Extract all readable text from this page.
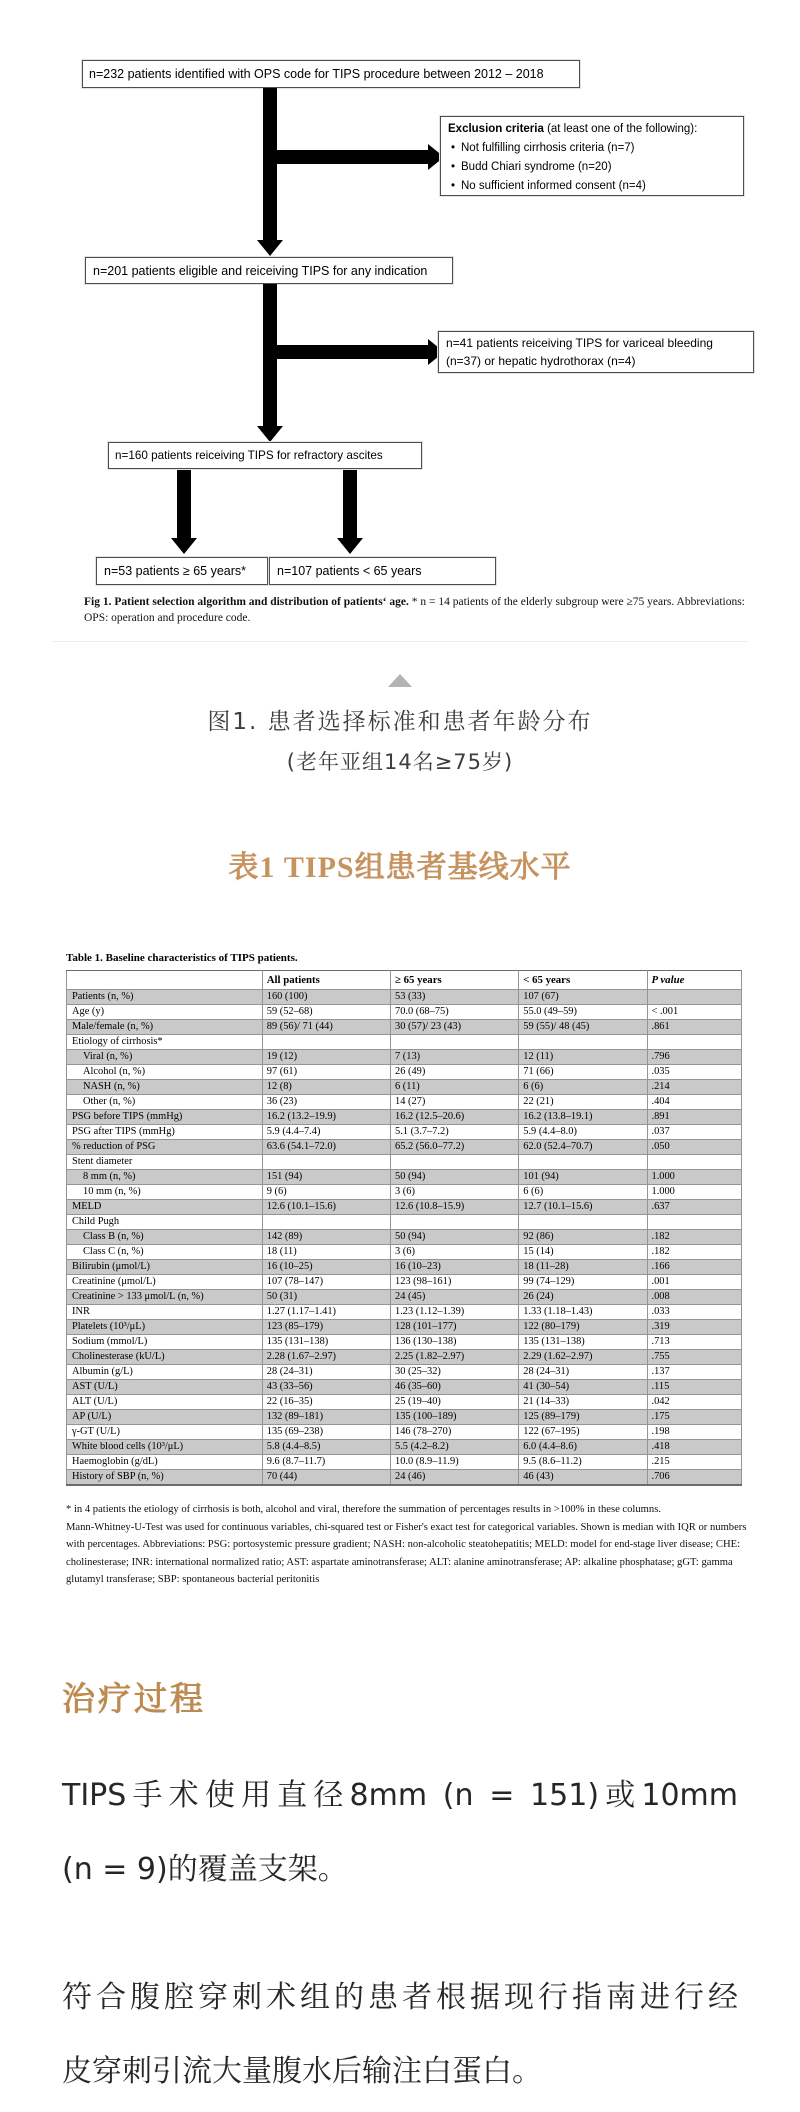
n=232 patients identified with OPS code for TIPS procedure between 2012 – 2018
Exclusion criteria (at least one of the following):
• Not fulfilling cirrhosis criteria (n=7)
• Budd Chiari syndrome (n=20)
• No sufficient informed consent (n=4)
n=201 patients eligible and reiceiving TIPS for any indication
n=41 patients reiceiving TIPS for variceal bleeding (n=37) or hepatic hydrothorax (n=4)
n=160 patients reiceiving TIPS for refractory ascites
n=53 patients ≥ 65 years*	n=107 patients < 65 years

Fig 1. Patient selection algorithm and distribution of patients‘ age. * n = 14 patients of the elderly subgroup were ≥75 years. Abbreviations: OPS: operation and procedure code.

图1. 患者选择标准和患者年龄分布
(老年亚组14名≥75岁)
表1 TIPS组患者基线水平

Table 1. Baseline characteristics of TIPS patients.

	All patients	≥ 65 years	< 65 years	P value
Patients (n, %)	160 (100)	53 (33)	107 (67)	
Age (y)	59 (52–68)	70.0 (68–75)	55.0 (49–59)	< .001
Male/female (n, %)	89 (56)/ 71 (44)	30 (57)/ 23 (43)	59 (55)/ 48 (45)	.861
Etiology of cirrhosis*				
Viral (n, %)	19 (12)	7 (13)	12 (11)	.796
Alcohol (n, %)	97 (61)	26 (49)	71 (66)	.035
NASH (n, %)	12 (8)	6 (11)	6 (6)	.214
Other (n, %)	36 (23)	14 (27)	22 (21)	.404
PSG before TIPS (mmHg)	16.2 (13.2–19.9)	16.2 (12.5–20.6)	16.2 (13.8–19.1)	.891
PSG after TIPS (mmHg)	5.9 (4.4–7.4)	5.1 (3.7–7.2)	5.9 (4.4–8.0)	.037
% reduction of PSG	63.6 (54.1–72.0)	65.2 (56.0–77.2)	62.0 (52.4–70.7)	.050
Stent diameter				
8 mm (n, %)	151 (94)	50 (94)	101 (94)	1.000
10 mm (n, %)	9 (6)	3 (6)	6 (6)	1.000
MELD	12.6 (10.1–15.6)	12.6 (10.8–15.9)	12.7 (10.1–15.6)	.637
Child Pugh				
Class B (n, %)	142 (89)	50 (94)	92 (86)	.182
Class C (n, %)	18 (11)	3 (6)	15 (14)	.182
Bilirubin (μmol/L)	16 (10–25)	16 (10–23)	18 (11–28)	.166
Creatinine (μmol/L)	107 (78–147)	123 (98–161)	99 (74–129)	.001
Creatinine > 133 μmol/L (n, %)	50 (31)	24 (45)	26 (24)	.008
INR	1.27 (1.17–1.41)	1.23 (1.12–1.39)	1.33 (1.18–1.43)	.033
Platelets (10³/μL)	123 (85–179)	128 (101–177)	122 (80–179)	.319
Sodium (mmol/L)	135 (131–138)	136 (130–138)	135 (131–138)	.713
Cholinesterase (kU/L)	2.28 (1.67–2.97)	2.25 (1.82–2.97)	2.29 (1.62–2.97)	.755
Albumin (g/L)	28 (24–31)	30 (25–32)	28 (24–31)	.137
AST (U/L)	43 (33–56)	46 (35–60)	41 (30–54)	.115
ALT (U/L)	22 (16–35)	25 (19–40)	21 (14–33)	.042
AP (U/L)	132 (89–181)	135 (100–189)	125 (89–179)	.175
γ-GT (U/L)	135 (69–238)	146 (78–270)	122 (67–195)	.198
White blood cells (10³/μL)	5.8 (4.4–8.5)	5.5 (4.2–8.2)	6.0 (4.4–8.6)	.418
Haemoglobin (g/dL)	9.6 (8.7–11.7)	10.0 (8.9–11.9)	9.5 (8.6–11.2)	.215
History of SBP (n, %)	70 (44)	24 (46)	46 (43)	.706

* in 4 patients the etiology of cirrhosis is both, alcohol and viral, therefore the summation of percentages results in >100% in these columns.

Mann-Whitney-U-Test was used for continuous variables, chi-squared test or Fisher's exact test for categorical variables. Shown is median with IQR or numbers with percentages. Abbreviations: PSG: portosystemic pressure gradient; NASH: non-alcoholic steatohepatitis; MELD: model for end-stage liver disease; CHE: cholinesterase; INR: international normalized ratio; AST: aspartate aminotransferase; ALT: alanine aminotransferase; AP: alkaline phosphatase; gGT: gamma glutamyl transferase; SBP: spontaneous bacterial peritonitis

治疗过程

TIPS手术使用直径8mm (n = 151)或10mm
(n = 9)的覆盖支架。

符合腹腔穿刺术组的患者根据现行指南进行经
皮穿刺引流大量腹水后输注白蛋白。
